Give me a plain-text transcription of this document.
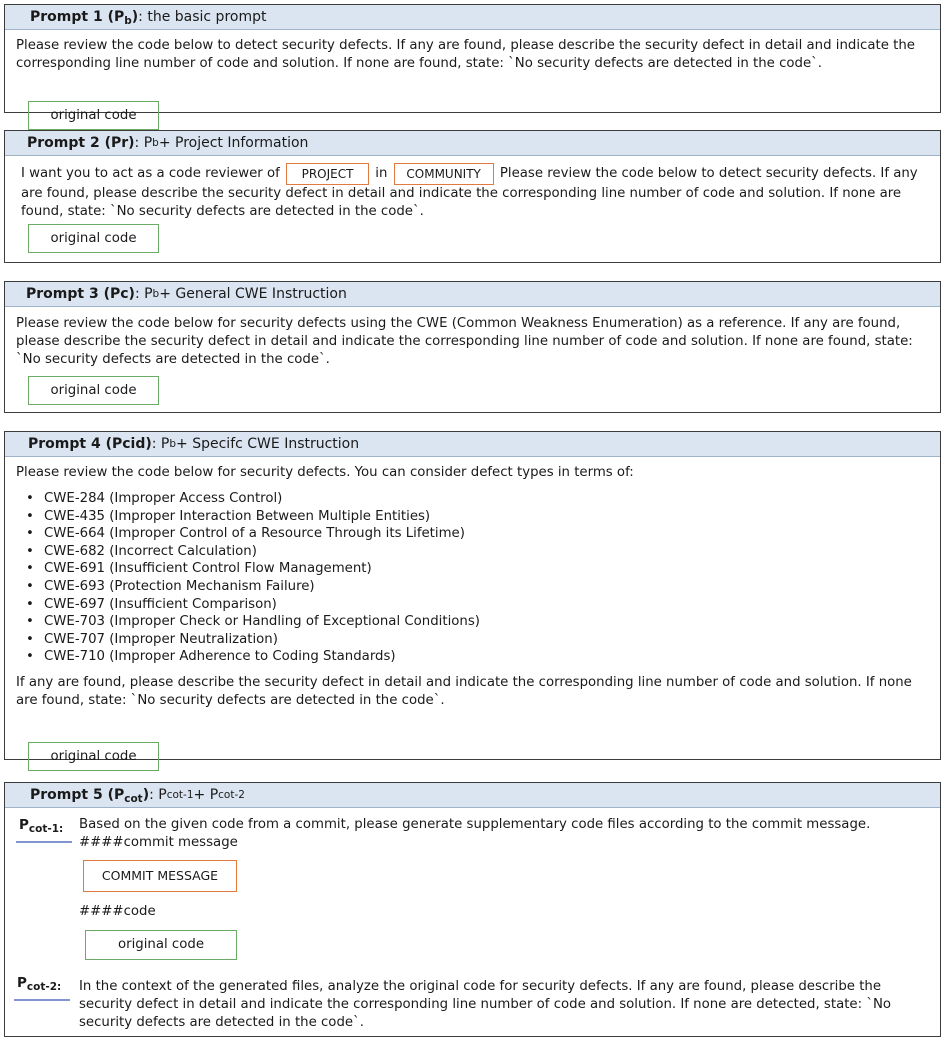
Prompt 1 $(P_b)$ : the basic prompt

Please review the code below to detect security defects. If any are found, please describe the security defect in detail and indicate the corresponding line number of code and solution. If none are found, state: `No security defects are detected in the code`.

original code
Prompt 2 (Pr) : P b + Project Information

I want you to act as a code reviewer of PROJECT in COMMUNITY Please review the code below to detect security defects. If any are found, please describe the security defect in detail and indicate the corresponding line number of code and solution. If none are found, state: `No security defects are detected in the code`.

original code
Prompt 3 (Pc) : P b + General CWE Instruction

Please review the code below for security defects using the CWE (Common Weakness Enumeration) as a reference. If any are found, please describe the security defect in detail and indicate the corresponding line number of code and solution. If none are found, state: `No security defects are detected in the code`.

original code
Prompt 4 (Pcid) : P b + Specifc CWE Instruction

Please review the code below for security defects. You can consider defect types in terms of:

• CWE-284 (Improper Access Control)
• CWE-435 (Improper Interaction Between Multiple Entities)
• CWE-664 (Improper Control of a Resource Through its Lifetime)
• CWE-682 (Incorrect Calculation)
• CWE-691 (Insufficient Control Flow Management)
• CWE-693 (Protection Mechanism Failure)
• CWE-697 (Insufficient Comparison)
• CWE-703 (Improper Check or Handling of Exceptional Conditions)
• CWE-707 (Improper Neutralization)
• CWE-710 (Improper Adherence to Coding Standards)

If any are found, please describe the security defect in detail and indicate the corresponding line number of code and solution. If none are found, state: `No security defects are detected in the code`.

original code
Prompt 5 $(P_{cot})$ : P cot-1 + P cot-2
$P_{cot-1:}$ Based on the given code from a commit, please generate supplementary code files according to the commit message.

####commit message

COMMIT MESSAGE

####code

original code
$P_{cot-2:}$ In the context of the generated files, analyze the original code for security defects. If any are found, please describe the security defect in detail and indicate the corresponding line number of code and solution. If none are detected, state: `No security defects are detected in the code`.
